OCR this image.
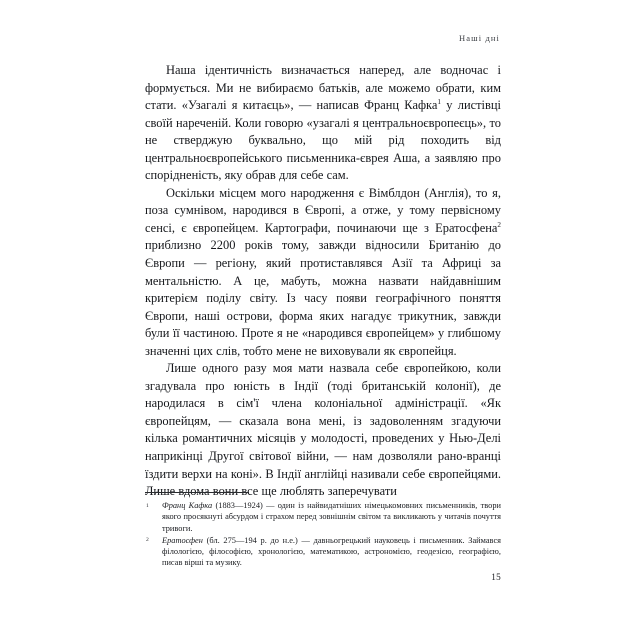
Наші дні

Наша ідентичність визначається наперед, але водночас і формується. Ми не вибираємо батьків, але можемо обрати, ким стати. «Узагалі я китаєць», — написав Франц Кафка$^1$ у листівці своїй нареченій. Коли говорю «узагалі я центральноєвропеєць», то не стверджую буквально, що мій рід походить від центральноєвропейського письменника-єврея Аша, а заявляю про спорідненість, яку обрав для себе сам.

Оскільки місцем мого народження є Вімблдон (Англія), то я, поза сумнівом, народився в Європі, а отже, у тому первісному сенсі, є європейцем. Картографи, починаючи ще з Ератосфена$^2$ приблизно 2200 років тому, завжди відносили Британію до Європи — регіону, який протиставлявся Азії та Африці за ментальністю. А це, мабуть, можна назвати найдавнішим критерієм поділу світу. Із часу появи географічного поняття Європи, наші острови, форма яких нагадує трикутник, завжди були її частиною. Проте я не «народився європейцем» у глибшому значенні цих слів, тобто мене не виховували як європейця.

Лише одного разу моя мати назвала себе європейкою, коли згадувала про юність в Індії (тоді британській колонії), де народилася в сім'ї члена колоніальної адміністрації. «Як європейцям, — сказала вона мені, із задоволенням згадуючи кілька романтичних місяців у молодості, проведених у Нью-Делі наприкінці Другої світової війни, — нам дозволяли рано-вранці їздити верхи на коні». В Індії англійці називали себе європейцями. Лише вдома вони все ще люблять заперечувати

1 Франц Кафка (1883—1924) — один із найвидатніших німецькомовних письменників, твори якого просякнуті абсурдом і страхом перед зовнішнім світом та викликають у читачів почуття тривоги.
2 Ератосфен (бл. 275—194 р. до н.е.) — давньогрецький науковець і письменник. Займався філологією, філософією, хронологією, математикою, астрономією, геодезією, географією, писав вірші та музику.
15
